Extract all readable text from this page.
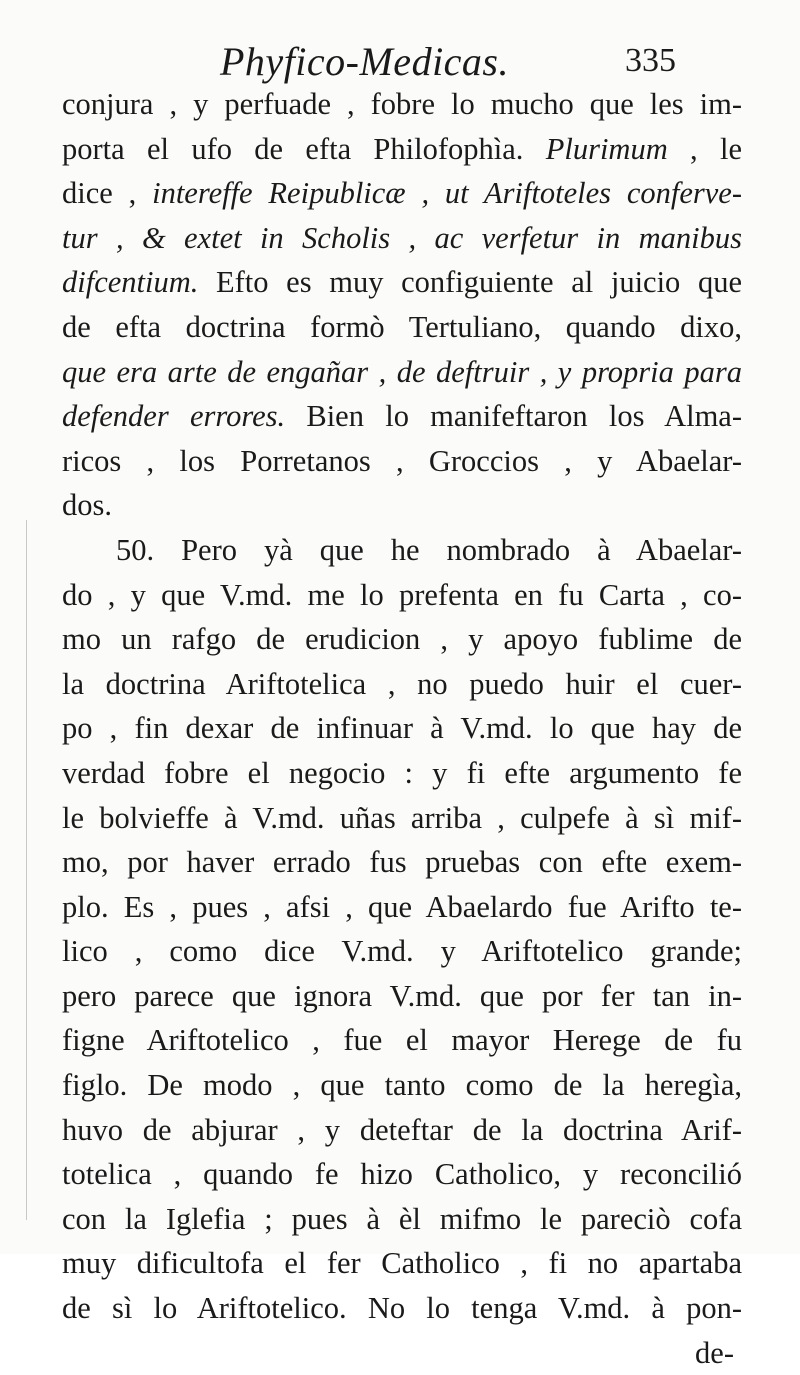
Phyfico-Medicas.	335
conjura , y perfuade , fobre lo mucho que les im-
porta el ufo de efta Philofophìa. Plurimum , le
dice , intereffe Reipublicæ , ut Ariftoteles conferve-
tur , & extet in Scholis , ac verfetur in manibus
difcentium. Efto es muy configuiente al juicio que
de efta doctrina formò Tertuliano, quando dixo,
que era arte de engañar , de deftruir , y propria para
defender errores. Bien lo manifeftaron los Alma-
ricos , los Porretanos , Groccios , y Abaelar-
dos.
50. Pero yà que he nombrado à Abaelar-
do , y que V.md. me lo prefenta en fu Carta , co-
mo un rafgo de erudicion , y apoyo fublime de
la doctrina Ariftotelica , no puedo huir el cuer-
po , fin dexar de infinuar à V.md. lo que hay de
verdad fobre el negocio : y fi efte argumento fe
le bolvieffe à V.md. uñas arriba , culpefe à sì mif-
mo, por haver errado fus pruebas con efte exem-
plo. Es , pues , afsi , que Abaelardo fue Arifto te-
lico , como dice V.md. y Ariftotelico grande;
pero parece que ignora V.md. que por fer tan in-
figne Ariftotelico , fue el mayor Herege de fu
figlo. De modo , que tanto como de la heregìa,
huvo de abjurar , y deteftar de la doctrina Arif-
totelica , quando fe hizo Catholico, y reconcilió
con la Iglefia ; pues à èl mifmo le pareciò cofa
muy dificultofa el fer Catholico , fi no apartaba
de sì lo Ariftotelico. No lo tenga V.md. à pon-
de-
